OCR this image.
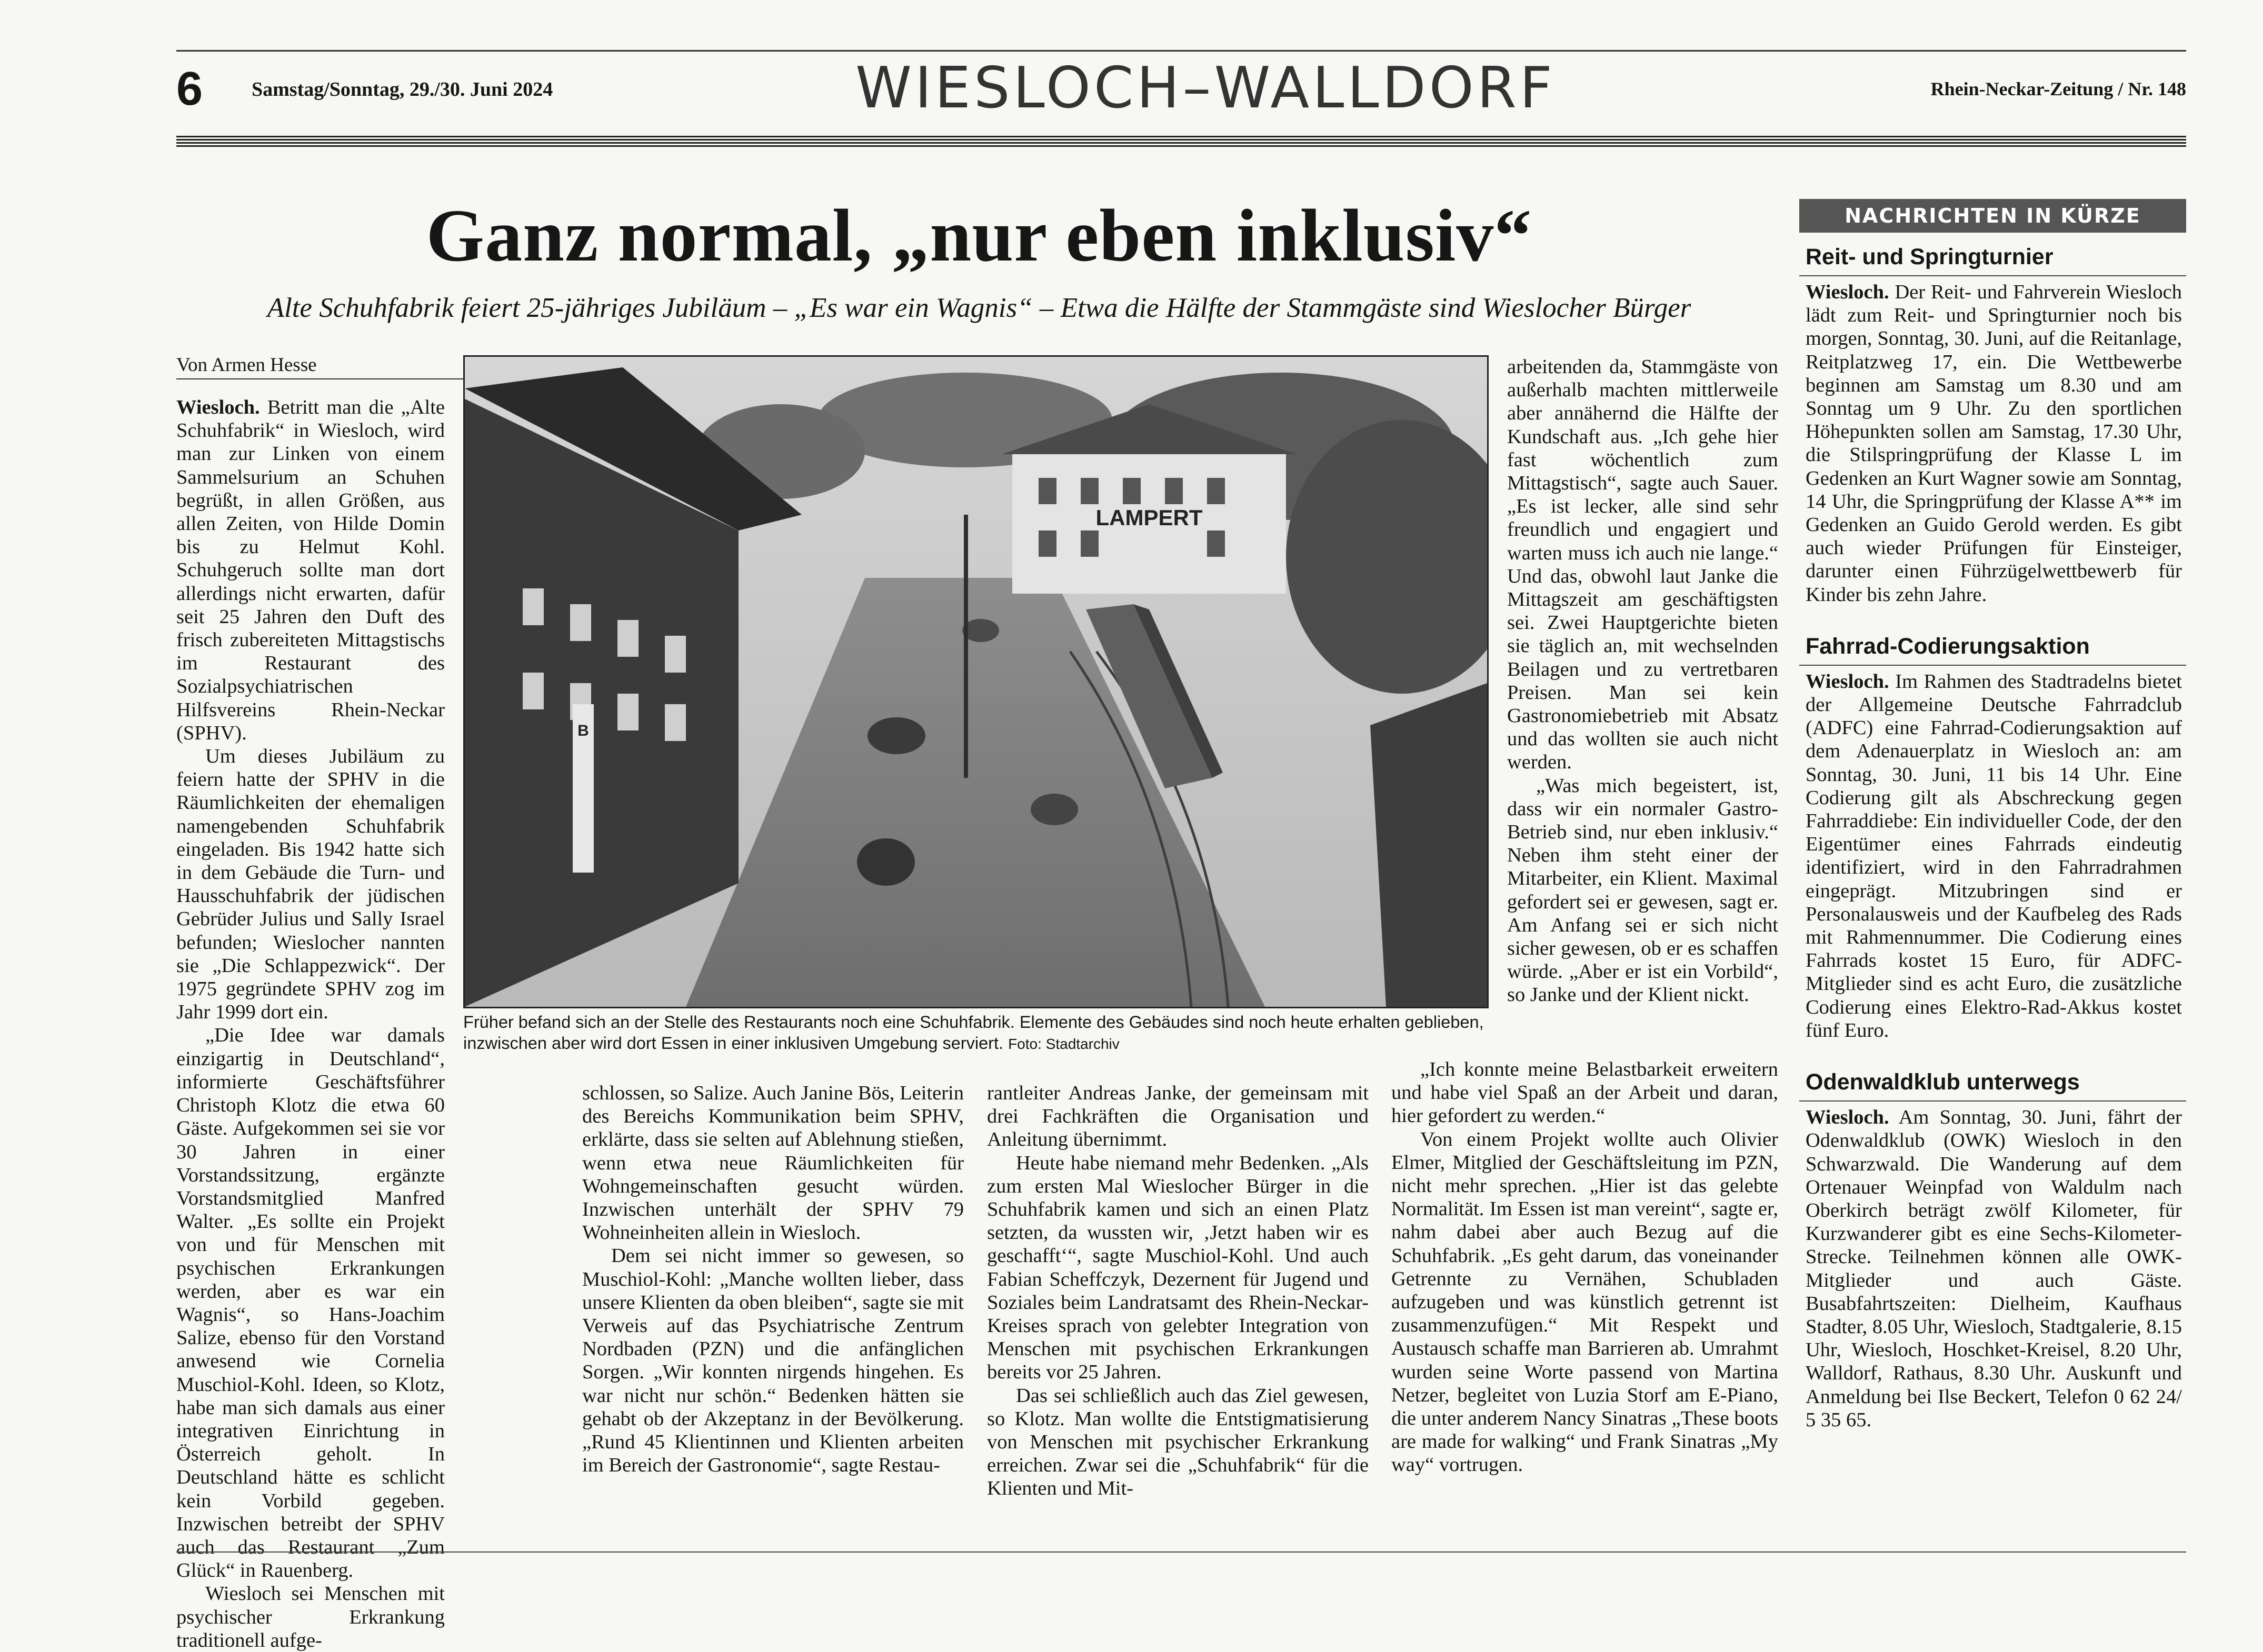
6 Samstag/Sonntag, 29./30. Juni 2024	WIESLOCH–WALLDORF	Rhein-Neckar-Zeitung / Nr. 148
Ganz normal, „nur eben inklusiv“
Alte Schuhfabrik feiert 25-jähriges Jubiläum – „Es war ein Wagnis“ – Etwa die Hälfte der Stammgäste sind Wieslocher Bürger
Von Armen Hesse

Wiesloch. Betritt man die „Alte Schuhfabrik“ in Wiesloch, wird man zur Linken von einem Sammelsurium an Schuhen begrüßt, in allen Größen, aus allen Zeiten, von Hilde Domin bis zu Helmut Kohl. Schuhgeruch sollte man dort allerdings nicht erwarten, dafür seit 25 Jahren den Duft des frisch zubereiteten Mittagstischs im Restaurant des Sozialpsychiatrischen Hilfsvereins Rhein-Neckar (SPHV).

Um dieses Jubiläum zu feiern hatte der SPHV in die Räumlichkeiten der ehemaligen namengebenden Schuhfabrik eingeladen. Bis 1942 hatte sich in dem Gebäude die Turn- und Hausschuhfabrik der jüdischen Gebrüder Julius und Sally Israel befunden; Wieslocher nannten sie „Die Schlappezwick“. Der 1975 gegründete SPHV zog im Jahr 1999 dort ein.

„Die Idee war damals einzigartig in Deutschland“, informierte Geschäftsführer Christoph Klotz die etwa 60 Gäste. Aufgekommen sei sie vor 30 Jahren in einer Vorstandssitzung, ergänzte Vorstandsmitglied Manfred Walter. „Es sollte ein Projekt von und für Menschen mit psychischen Erkrankungen werden, aber es war ein Wagnis“, so Hans-Joachim Salize, ebenso für den Vorstand anwesend wie Cornelia Muschiol-Kohl. Ideen, so Klotz, habe man sich damals aus einer integrativen Einrichtung in Österreich geholt. In Deutschland hätte es schlicht kein Vorbild gegeben. Inzwischen betreibt der SPHV auch das Restaurant „Zum Glück“ in Rauenberg.

Wiesloch sei Menschen mit psychischer Erkrankung traditionell aufge-

B
LAMPERT
Früher befand sich an der Stelle des Restaurants noch eine Schuhfabrik. Elemente des Gebäudes sind noch heute erhalten geblieben, inzwischen aber wird dort Essen in einer inklusiven Umgebung serviert. Foto: Stadtarchiv

schlossen, so Salize. Auch Janine Bös, Leiterin des Bereichs Kommunikation beim SPHV, erklärte, dass sie selten auf Ablehnung stießen, wenn etwa neue Räumlichkeiten für Wohngemeinschaften gesucht würden. Inzwischen unterhält der SPHV 79 Wohneinheiten allein in Wiesloch.

Dem sei nicht immer so gewesen, so Muschiol-Kohl: „Manche wollten lieber, dass unsere Klienten da oben bleiben“, sagte sie mit Verweis auf das Psychiatrische Zentrum Nordbaden (PZN) und die anfänglichen Sorgen. „Wir konnten nirgends hingehen. Es war nicht nur schön.“ Bedenken hätten sie gehabt ob der Akzeptanz in der Bevölkerung. „Rund 45 Klientinnen und Klienten arbeiten im Bereich der Gastronomie“, sagte Restau-

rantleiter Andreas Janke, der gemeinsam mit drei Fachkräften die Organisation und Anleitung übernimmt.

Heute habe niemand mehr Bedenken. „Als zum ersten Mal Wieslocher Bürger in die Schuhfabrik kamen und sich an einen Platz setzten, da wussten wir, ‚Jetzt haben wir es geschafft‘“, sagte Muschiol-Kohl. Und auch Fabian Scheffczyk, Dezernent für Jugend und Soziales beim Landratsamt des Rhein-Neckar-Kreises sprach von gelebter Integration von Menschen mit psychischen Erkrankungen bereits vor 25 Jahren.

Das sei schließlich auch das Ziel gewesen, so Klotz. Man wollte die Entstigmatisierung von Menschen mit psychischer Erkrankung erreichen. Zwar sei die „Schuhfabrik“ für die Klienten und Mit-

arbeitenden da, Stammgäste von außerhalb machten mittlerweile aber annähernd die Hälfte der Kundschaft aus. „Ich gehe hier fast wöchentlich zum Mittagstisch“, sagte auch Sauer. „Es ist lecker, alle sind sehr freundlich und engagiert und warten muss ich auch nie lange.“ Und das, obwohl laut Janke die Mittagszeit am geschäftigsten sei. Zwei Hauptgerichte bieten sie täglich an, mit wechselnden Beilagen und zu vertretbaren Preisen. Man sei kein Gastronomiebetrieb mit Absatz und das wollten sie auch nicht werden.

„Was mich begeistert, ist, dass wir ein normaler Gastro-Betrieb sind, nur eben inklusiv.“ Neben ihm steht einer der Mitarbeiter, ein Klient. Maximal gefordert sei er gewesen, sagt er. Am Anfang sei er sich nicht sicher gewesen, ob er es schaffen würde. „Aber er ist ein Vorbild“, so Janke und der Klient nickt.

„Ich konnte meine Belastbarkeit erweitern und habe viel Spaß an der Arbeit und daran, hier gefordert zu werden.“

Von einem Projekt wollte auch Olivier Elmer, Mitglied der Geschäftsleitung im PZN, nicht mehr sprechen. „Hier ist das gelebte Normalität. Im Essen ist man vereint“, sagte er, nahm dabei aber auch Bezug auf die Schuhfabrik. „Es geht darum, das voneinander Getrennte zu Vernähen, Schubladen aufzugeben und was künstlich getrennt ist zusammenzufügen.“ Mit Respekt und Austausch schaffe man Barrieren ab. Umrahmt wurden seine Worte passend von Martina Netzer, begleitet von Luzia Storf am E-Piano, die unter anderem Nancy Sinatras „These boots are made for walking“ und Frank Sinatras „My way“ vortrugen.

NACHRICHTEN IN KÜRZE
Reit- und Springturnier
Wiesloch. Der Reit- und Fahrverein Wiesloch lädt zum Reit- und Springturnier noch bis morgen, Sonntag, 30. Juni, auf die Reitanlage, Reitplatzweg 17, ein. Die Wettbewerbe beginnen am Samstag um 8.30 und am Sonntag um 9 Uhr. Zu den sportlichen Höhepunkten sollen am Samstag, 17.30 Uhr, die Stilspringprüfung der Klasse L im Gedenken an Kurt Wagner sowie am Sonntag, 14 Uhr, die Springprüfung der Klasse A** im Gedenken an Guido Gerold werden. Es gibt auch wieder Prüfungen für Einsteiger, darunter einen Führzügelwettbewerb für Kinder bis zehn Jahre.
Fahrrad-Codierungsaktion
Wiesloch. Im Rahmen des Stadtradelns bietet der Allgemeine Deutsche Fahrradclub (ADFC) eine Fahrrad-Codierungsaktion auf dem Adenauerplatz in Wiesloch an: am Sonntag, 30. Juni, 11 bis 14 Uhr. Eine Codierung gilt als Abschreckung gegen Fahrraddiebe: Ein individueller Code, der den Eigentümer eines Fahrrads eindeutig identifiziert, wird in den Fahrradrahmen eingeprägt. Mitzubringen sind er Personalausweis und der Kaufbeleg des Rads mit Rahmennummer. Die Codierung eines Fahrrads kostet 15 Euro, für ADFC-Mitglieder sind es acht Euro, die zusätzliche Codierung eines Elektro-Rad-Akkus kostet fünf Euro.
Odenwaldklub unterwegs
Wiesloch. Am Sonntag, 30. Juni, fährt der Odenwaldklub (OWK) Wiesloch in den Schwarzwald. Die Wanderung auf dem Ortenauer Weinpfad von Waldulm nach Oberkirch beträgt zwölf Kilometer, für Kurzwanderer gibt es eine Sechs-Kilometer-Strecke. Teilnehmen können alle OWK-Mitglieder und auch Gäste. Busabfahrtszeiten: Dielheim, Kaufhaus Stadter, 8.05 Uhr, Wiesloch, Stadtgalerie, 8.15 Uhr, Wiesloch, Hoschket-Kreisel, 8.20 Uhr, Walldorf, Rathaus, 8.30 Uhr. Auskunft und Anmeldung bei Ilse Beckert, Telefon 0 62 24/ 5 35 65.
